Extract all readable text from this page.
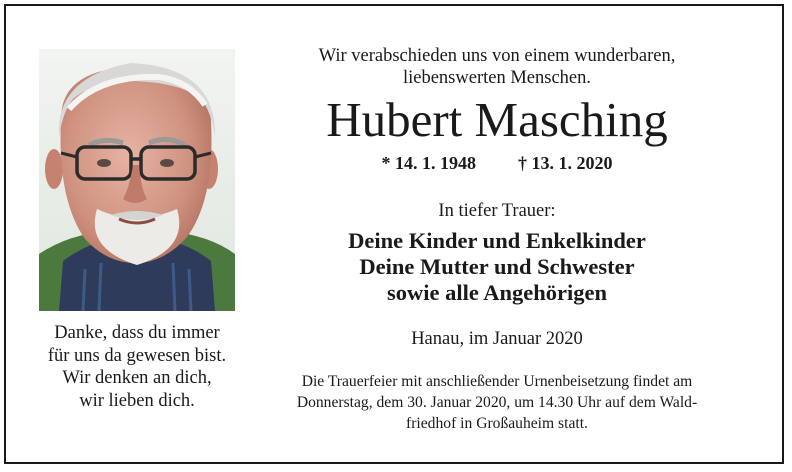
Danke, dass du immer
für uns da gewesen bist.
Wir denken an dich,
wir lieben dich.
Wir verabschieden uns von einem wunderbaren,
liebenswerten Menschen.
Hubert Masching
* 14. 1. 1948 † 13. 1. 2020
In tiefer Trauer:
Deine Kinder und Enkelkinder
Deine Mutter und Schwester
sowie alle Angehörigen
Hanau, im Januar 2020
Die Trauerfeier mit anschließender Urnenbeisetzung findet am
Donnerstag, dem 30. Januar 2020, um 14.30 Uhr auf dem Wald-
friedhof in Großauheim statt.
